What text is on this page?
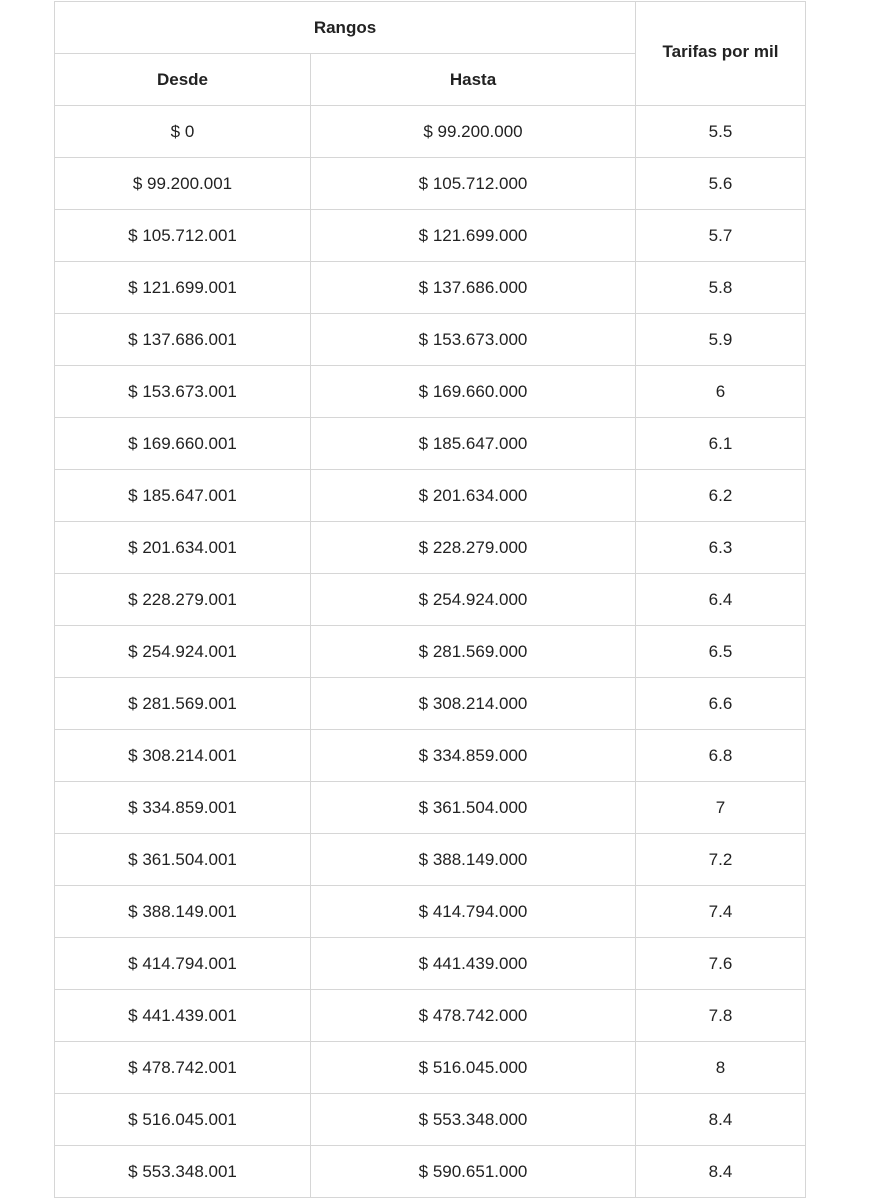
Rangos		Tarifas por mil
Desde	Hasta	
$ 0	$ 99.200.000	5.5
$ 99.200.001	$ 105.712.000	5.6
$ 105.712.001	$ 121.699.000	5.7
$ 121.699.001	$ 137.686.000	5.8
$ 137.686.001	$ 153.673.000	5.9
$ 153.673.001	$ 169.660.000	6
$ 169.660.001	$ 185.647.000	6.1
$ 185.647.001	$ 201.634.000	6.2
$ 201.634.001	$ 228.279.000	6.3
$ 228.279.001	$ 254.924.000	6.4
$ 254.924.001	$ 281.569.000	6.5
$ 281.569.001	$ 308.214.000	6.6
$ 308.214.001	$ 334.859.000	6.8
$ 334.859.001	$ 361.504.000	7
$ 361.504.001	$ 388.149.000	7.2
$ 388.149.001	$ 414.794.000	7.4
$ 414.794.001	$ 441.439.000	7.6
$ 441.439.001	$ 478.742.000	7.8
$ 478.742.001	$ 516.045.000	8
$ 516.045.001	$ 553.348.000	8.4
$ 553.348.001	$ 590.651.000	8.4
